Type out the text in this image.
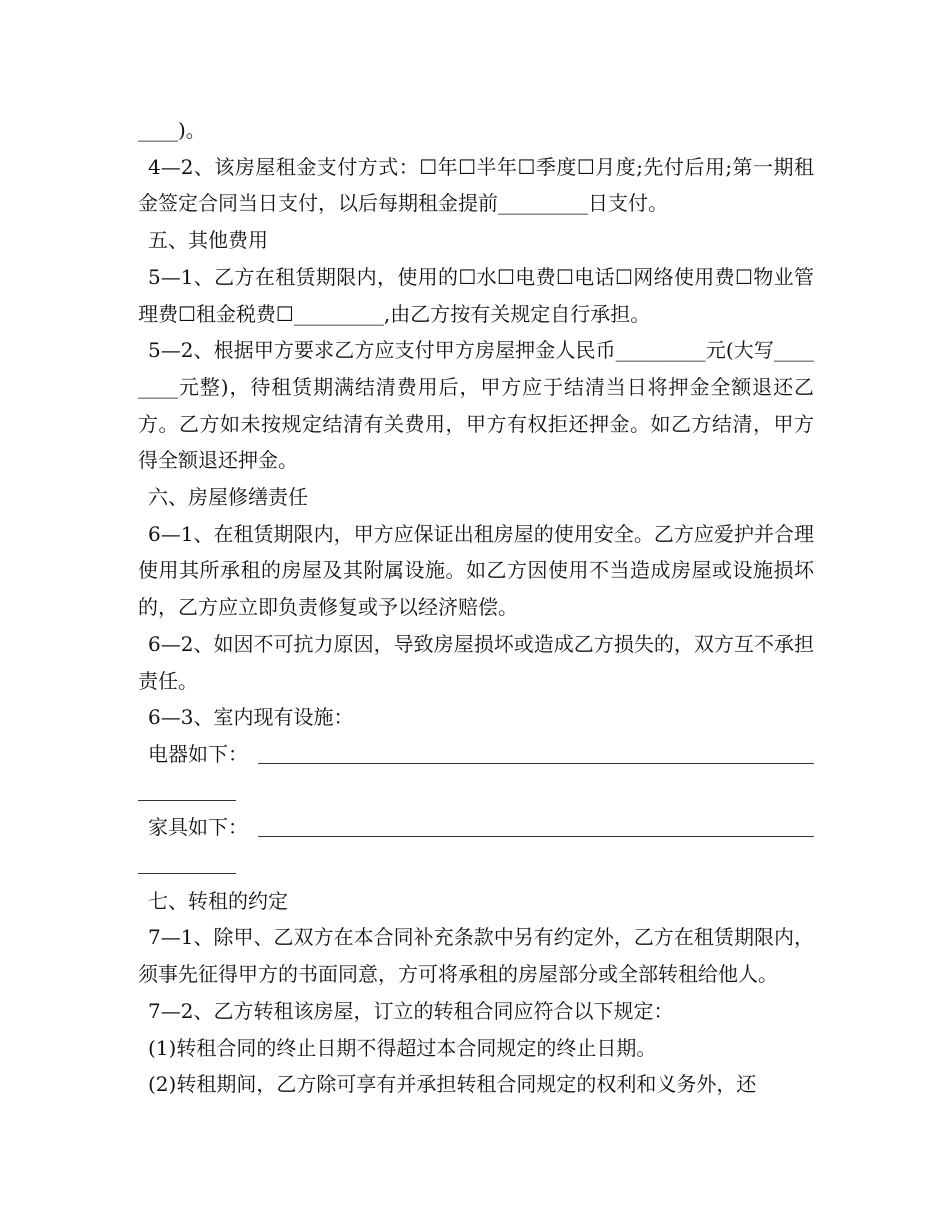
____)。

4—2、该房屋租金支付方式：☐年☐半年☐季度☐月度;先付后用;第一期租金签定合同当日支付，以后每期租金提前_________日支付。

五、其他费用

5—1、乙方在租赁期限内，使用的☐水☐电费☐电话☐网络使用费☐物业管理费☐租金税费☐_________,由乙方按有关规定自行承担。

5—2、根据甲方要求乙方应支付甲方房屋押金人民币_________元(大写________元整)，待租赁期满结清费用后，甲方应于结清当日将押金全额退还乙方。乙方如未按规定结清有关费用，甲方有权拒还押金。如乙方结清，甲方得全额退还押金。

六、房屋修缮责任

6—1、在租赁期限内，甲方应保证出租房屋的使用安全。乙方应爱护并合理使用其所承租的房屋及其附属设施。如乙方因使用不当造成房屋或设施损坏的，乙方应立即负责修复或予以经济赔偿。

6—2、如因不可抗力原因，导致房屋损坏或造成乙方损失的，双方互不承担责任。

6—3、室内现有设施：

电器如下：
家具如下：

七、转租的约定

7—1、除甲、乙双方在本合同补充条款中另有约定外，乙方在租赁期限内，须事先征得甲方的书面同意，方可将承租的房屋部分或全部转租给他人。

7—2、乙方转租该房屋，订立的转租合同应符合以下规定：

(1)转租合同的终止日期不得超过本合同规定的终止日期。

(2)转租期间，乙方除可享有并承担转租合同规定的权利和义务外，还
